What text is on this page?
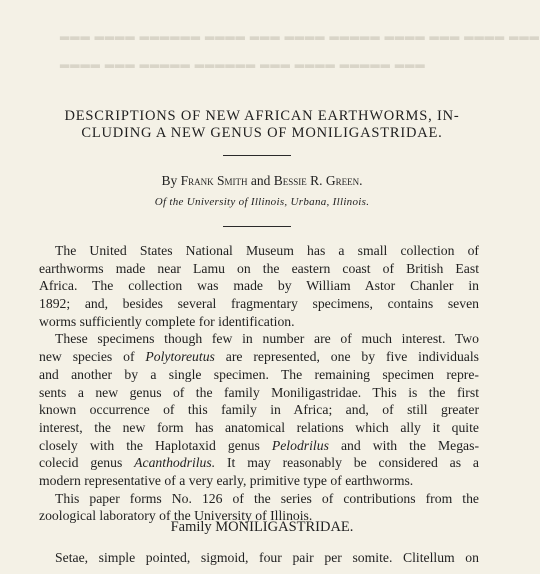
▂▂▂ ▂▂▂▂ ▂▂▂▂▂▂ ▂▂▂▂ ▂▂▂ ▂▂▂▂ ▂▂▂▂▂ ▂▂▂▂ ▂▂▂ ▂▂▂▂ ▂▂▂

▂▂▂▂ ▂▂▂ ▂▂▂▂▂ ▂▂▂▂▂▂ ▂▂▂ ▂▂▂▂ ▂▂▂▂▂ ▂▂▂
DESCRIPTIONS OF NEW AFRICAN EARTHWORMS, IN-
CLUDING A NEW GENUS OF MONILIGASTRIDAE.
By Frank Smith and Bessie R. Green.
Of the University of Illinois, Urbana, Illinois.
The United States National Museum has a small collection of
earthworms made near Lamu on the eastern coast of British East
Africa. The collection was made by William Astor Chanler in
1892; and, besides several fragmentary specimens, contains seven
worms sufficiently complete for identification.
These specimens though few in number are of much interest. Two
new species of Polytoreutus are represented, one by five individuals
and another by a single specimen. The remaining specimen repre-
sents a new genus of the family Moniligastridae. This is the first
known occurrence of this family in Africa; and, of still greater
interest, the new form has anatomical relations which ally it quite
closely with the Haplotaxid genus Pelodrilus and with the Megas-
colecid genus Acanthodrilus. It may reasonably be considered as a
modern representative of a very early, primitive type of earthworms.
This paper forms No. 126 of the series of contributions from the
zoological laboratory of the University of Illinois.
Family MONILIGASTRIDAE.
Setae, simple pointed, sigmoid, four pair per somite. Clitellum on
